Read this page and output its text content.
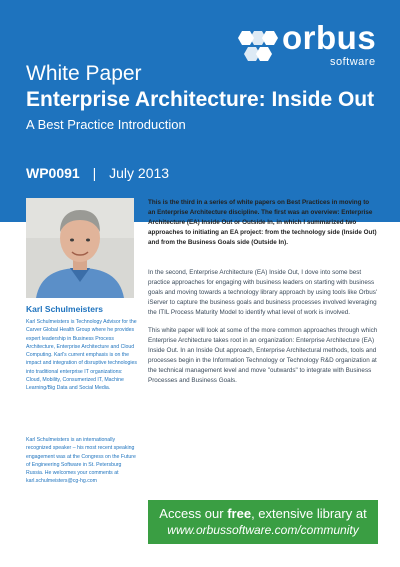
orbus
software
White Paper
Enterprise Architecture: Inside Out
A Best Practice Introduction
WP0091 | July 2013
Karl Schulmeisters
Karl Schulmeisters is Technology Advisor for the Carver Global Health Group where he provides expert leadership in Business Process Architecture, Enterprise Architecture and Cloud Computing. Karl's current emphasis is on the impact and integration of disruptive technologies into traditional enterprise IT organizations: Cloud, Mobility, Consumerized IT, Machine Learning/Big Data and Social Media.
Karl Schulmeisters is an internationally recognized speaker – his most recent speaking engagement was at the Congress on the Future of Engineering Software in St. Petersburg Russia. He welcomes your comments at karl.schulmeisters@cg-hg.com

This is the third in a series of white papers on Best Practices in moving to an Enterprise Architecture discipline. The first was an overview: Enterprise Architecture (EA) Inside Out or Outside In, in which I summarized two approaches to initiating an EA project: from the technology side (Inside Out) and from the Business Goals side (Outside In).

In the second, Enterprise Architecture (EA) Inside Out, I dove into some best practice approaches for engaging with business leaders on starting with business goals and moving towards a technology library approach by using tools like Orbus' iServer to capture the business goals and business processes involved leveraging the ITIL Process Maturity Model to identify what level of work is involved.

This white paper will look at some of the more common approaches through which Enterprise Architecture takes root in an organization: Enterprise Architecture (EA) Inside Out. In an Inside Out approach, Enterprise Architectural methods, tools and processes begin in the Information Technology or Technology R&D organization at the technical management level and move "outwards" to integrate with Business Processes and Business Goals.

Access our free, extensive library at
www.orbussoftware.com/community
